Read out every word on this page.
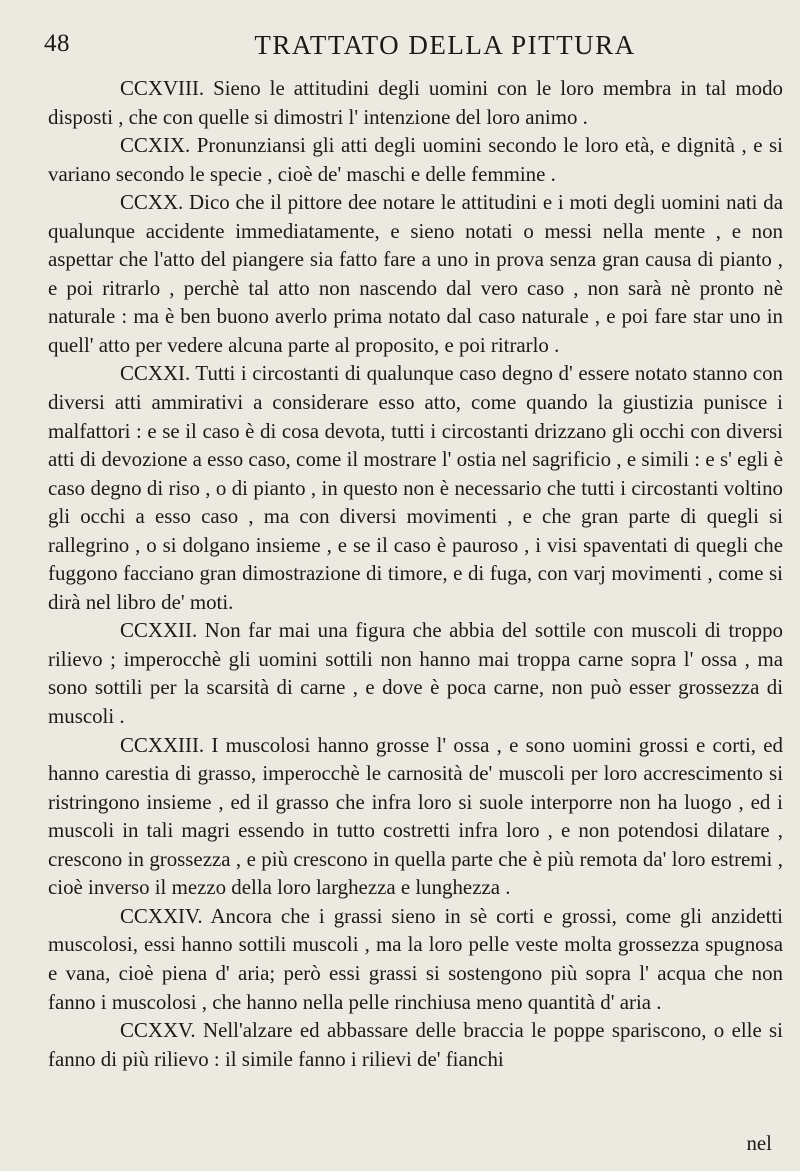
48	TRATTATO DELLA PITTURA

CCXVIII. Sieno le attitudini degli uomini con le loro membra in tal modo disposti , che con quelle si dimostri l' intenzione del loro animo .

CCXIX. Pronunziansi gli atti degli uomini secondo le loro età, e dignità , e si variano secondo le specie , cioè de' maschi e delle femmine .

CCXX. Dico che il pittore dee notare le attitudini e i moti degli uomini nati da qualunque accidente immediatamente, e sieno notati o messi nella mente , e non aspettar che l'atto del piangere sia fatto fare a uno in prova senza gran causa di pianto , e poi ritrarlo , perchè tal atto non nascendo dal vero caso , non sarà nè pronto nè naturale : ma è ben buono averlo prima notato dal caso naturale , e poi fare star uno in quell' atto per vedere alcuna parte al proposito, e poi ritrarlo .

CCXXI. Tutti i circostanti di qualunque caso degno d' essere notato stanno con diversi atti ammirativi a considerare esso atto, come quando la giustizia punisce i malfattori : e se il caso è di cosa devota, tutti i circostanti drizzano gli occhi con diversi atti di devozione a esso caso, come il mostrare l' ostia nel sagrificio , e simili : e s' egli è caso degno di riso , o di pianto , in questo non è necessario che tutti i circostanti voltino gli occhi a esso caso , ma con diversi movimenti , e che gran parte di quegli si rallegrino , o si dolgano insieme , e se il caso è pauroso , i visi spaventati di quegli che fuggono facciano gran dimostrazione di timore, e di fuga, con varj movimenti , come si dirà nel libro de' moti.

CCXXII. Non far mai una figura che abbia del sottile con muscoli di troppo rilievo ; imperocchè gli uomini sottili non hanno mai troppa carne sopra l' ossa , ma sono sottili per la scarsità di carne , e dove è poca carne, non può esser grossezza di muscoli .

CCXXIII. I muscolosi hanno grosse l' ossa , e sono uomini grossi e corti, ed hanno carestia di grasso, imperocchè le carnosità de' muscoli per loro accrescimento si ristringono insieme , ed il grasso che infra loro si suole interporre non ha luogo , ed i muscoli in tali magri essendo in tutto costretti infra loro , e non potendosi dilatare , crescono in grossezza , e più crescono in quella parte che è più remota da' loro estremi , cioè inverso il mezzo della loro larghezza e lunghezza .

CCXXIV. Ancora che i grassi sieno in sè corti e grossi, come gli anzidetti muscolosi, essi hanno sottili muscoli , ma la loro pelle veste molta grossezza spugnosa e vana, cioè piena d' aria; però essi grassi si sostengono più sopra l' acqua che non fanno i muscolosi , che hanno nella pelle rinchiusa meno quantità d' aria .

CCXXV. Nell'alzare ed abbassare delle braccia le poppe spariscono, o elle si fanno di più rilievo : il simile fanno i rilievi de' fianchi

nel
